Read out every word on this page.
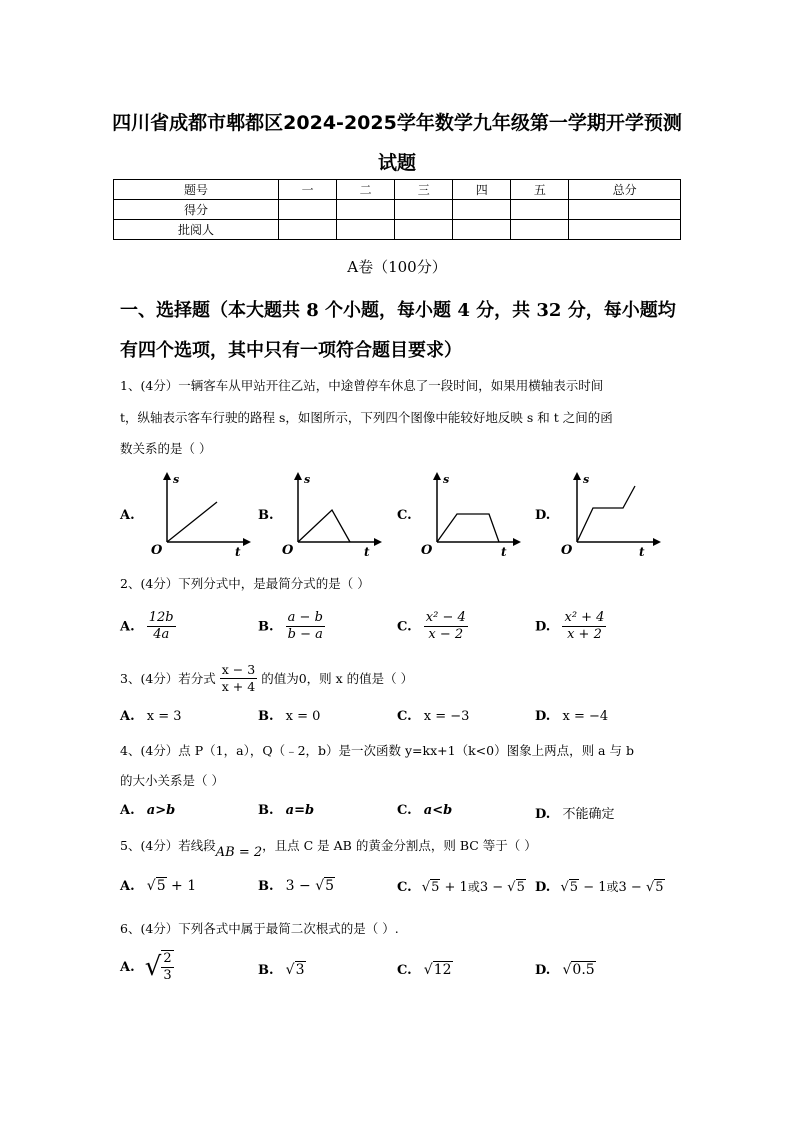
四川省成都市郫都区2024-2025学年数学九年级第一学期开学预测
试题
题号	一	二	三	四	五	总分
得分						
批阅人						
A卷（100分）
一、选择题（本大题共 8 个小题，每小题 4 分，共 32 分，每小题均
有四个选项，其中只有一项符合题目要求）
1、(4分）一辆客车从甲站开往乙站，中途曾停车休息了一段时间，如果用横轴表示时间
t，纵轴表示客车行驶的路程 s，如图所示，下列四个图像中能较好地反映 s 和 t 之间的函
数关系的是（ ）
A.
s
O	t
B.
s
O	t
C.
s
O	t
D.
s
O	t
2、(4分）下列分式中，是最简分式的是（ ）
A. $\frac{12b}{4a}$	B. $\frac{a - b}{b - a}$	C. $\frac{\text{x² − 4}}{x - 2}$	D. $\frac{\text{x² + 4}}{x + 2}$
3、(4分）若分式 $\frac{x - 3}{x + 4}$ 的值为0，则 x 的值是（ ）
A. x = 3	B. x = 0	C. x = −3	D. x = −4
4、(4分）点 P（1，a），Q（﹣2，b）是一次函数 y=kx+1（k<0）图象上两点，则 a 与 b
的大小关系是（ ）
A. a>b	B. a=b	C. a<b	D. 不能确定
5、(4分）若线段AB = 2，且点 C 是 AB 的黄金分割点，则 BC 等于（ ）
A. √5 + 1	B. 3 − √5	C. √5 + 1或3 − √5 D. √5 − 1或3 − √5
6、(4分）下列各式中属于最简二次根式的是（ ）.
A. √ $\frac{2}{3}$	B. √3	C. √12	D. √0.5
